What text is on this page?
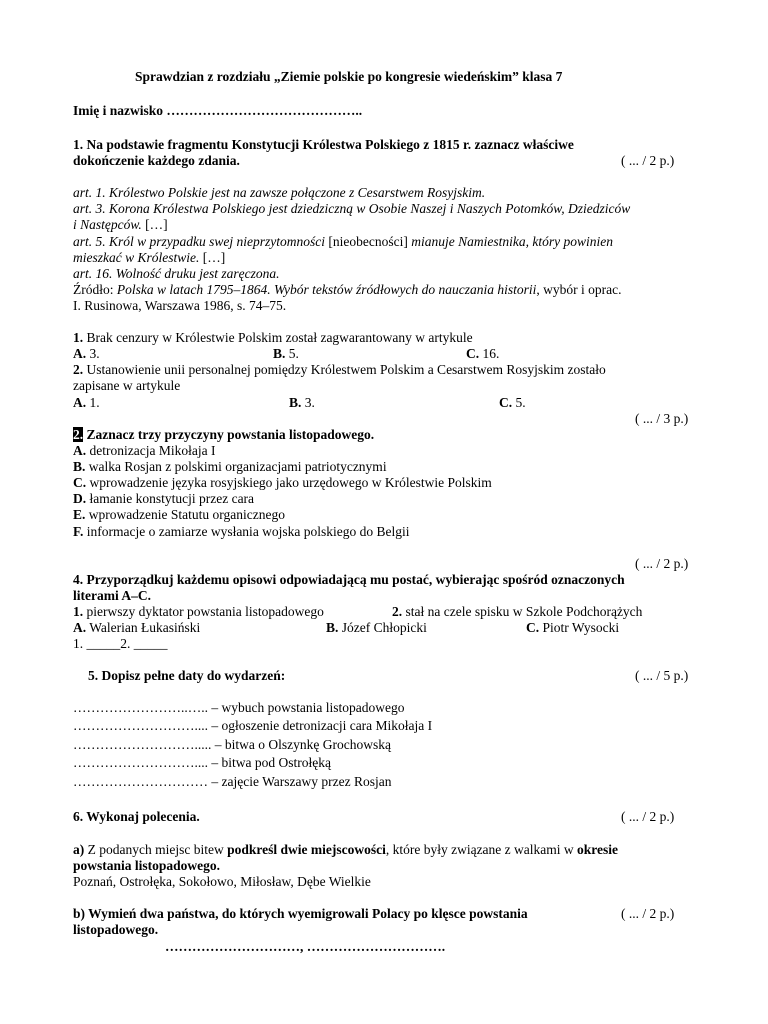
Sprawdzian z rozdziału „Ziemie polskie po kongresie wiedeńskim” klasa 7
Imię i nazwisko ……………………………………..
1. Na podstawie fragmentu Konstytucji Królestwa Polskiego z 1815 r. zaznacz właściwe
dokończenie każdego zdania.	( ... / 2 p.)
art. 1. Królestwo Polskie jest na zawsze połączone z Cesarstwem Rosyjskim.
art. 3. Korona Królestwa Polskiego jest dziedziczną w Osobie Naszej i Naszych Potomków, Dziedziców
i Następców. […]
art. 5. Król w przypadku swej nieprzytomności [nieobecności] mianuje Namiestnika, który powinien
mieszkać w Królestwie. […]
art. 16. Wolność druku jest zaręczona.
Źródło: Polska w latach 1795–1864. Wybór tekstów źródłowych do nauczania historii, wybór i oprac.
I. Rusinowa, Warszawa 1986, s. 74–75.
1. Brak cenzury w Królestwie Polskim został zagwarantowany w artykule
A. 3.	B. 5.	C. 16.
2. Ustanowienie unii personalnej pomiędzy Królestwem Polskim a Cesarstwem Rosyjskim zostało
zapisane w artykule
A. 1.	B. 3.	C. 5.
( ... / 3 p.)
2. Zaznacz trzy przyczyny powstania listopadowego.
A. detronizacja Mikołaja I
B. walka Rosjan z polskimi organizacjami patriotycznymi
C. wprowadzenie języka rosyjskiego jako urzędowego w Królestwie Polskim
D. łamanie konstytucji przez cara
E. wprowadzenie Statutu organicznego
F. informacje o zamiarze wysłania wojska polskiego do Belgii
( ... / 2 p.)
4. Przyporządkuj każdemu opisowi odpowiadającą mu postać, wybierając spośród oznaczonych
literami A–C.
1. pierwszy dyktator powstania listopadowego	2. stał na czele spisku w Szkole Podchorążych
A. Walerian Łukasiński	B. Józef Chłopicki	C. Piotr Wysocki
1. _____2. _____
5. Dopisz pełne daty do wydarzeń:	( ... / 5 p.)
……………………..….. – wybuch powstania listopadowego
……………………….... – ogłoszenie detronizacji cara Mikołaja I
………………………..... – bitwa o Olszynkę Grochowską
……………………….... – bitwa pod Ostrołęką
………………………… – zajęcie Warszawy przez Rosjan
6. Wykonaj polecenia.	( ... / 2 p.)
a) Z podanych miejsc bitew podkreśl dwie miejscowości, które były związane z walkami w okresie
powstania listopadowego.
Poznań, Ostrołęka, Sokołowo, Miłosław, Dębe Wielkie
b) Wymień dwa państwa, do których wyemigrowali Polacy po klęsce powstania	( ... / 2 p.)
listopadowego.
…………………………, ………………………….
